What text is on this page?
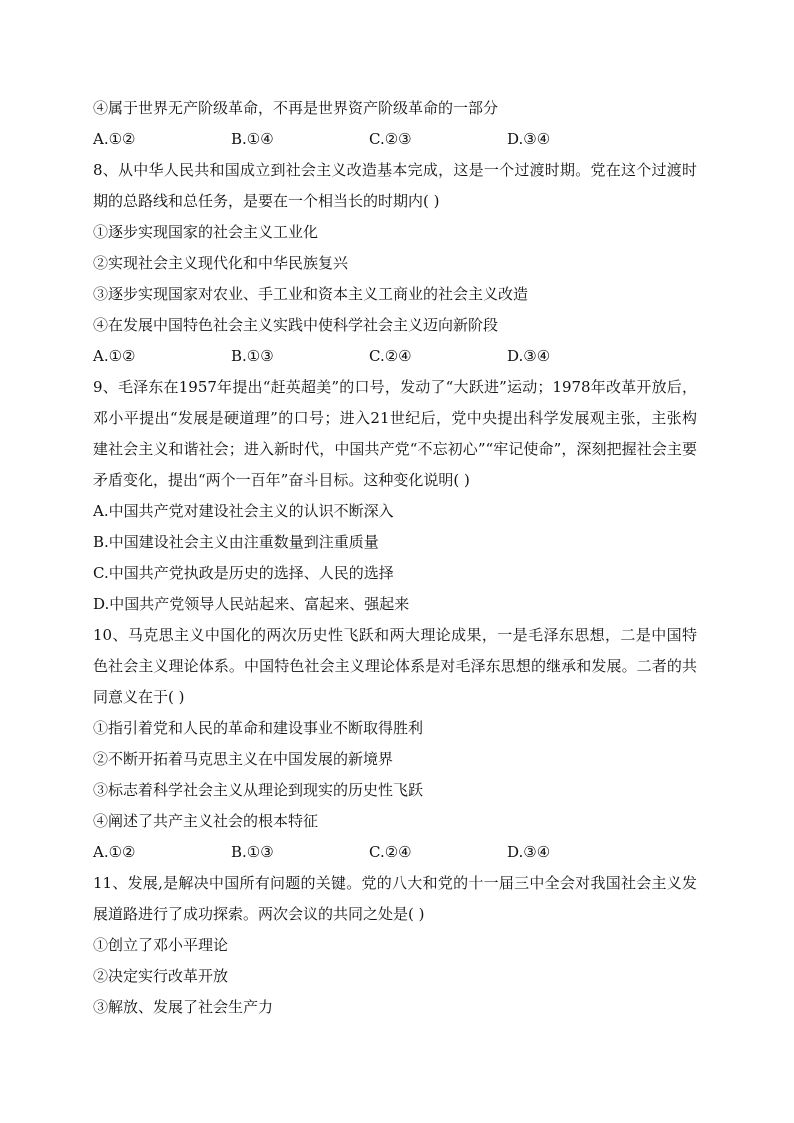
④属于世界无产阶级革命，不再是世界资产阶级革命的一部分
A.①②	B.①④	C.②③	D.③④
8、从中华人民共和国成立到社会主义改造基本完成，这是一个过渡时期。党在这个过渡时期的总路线和总任务，是要在一个相当长的时期内( )
①逐步实现国家的社会主义工业化
②实现社会主义现代化和中华民族复兴
③逐步实现国家对农业、手工业和资本主义工商业的社会主义改造
④在发展中国特色社会主义实践中使科学社会主义迈向新阶段
A.①②	B.①③	C.②④	D.③④
9、毛泽东在1957年提出“赶英超美”的口号，发动了“大跃进”运动；1978年改革开放后，邓小平提出“发展是硬道理”的口号；进入21世纪后，党中央提出科学发展观主张，主张构建社会主义和谐社会；进入新时代，中国共产党“不忘初心”“牢记使命”，深刻把握社会主要矛盾变化，提出“两个一百年”奋斗目标。这种变化说明( )
A.中国共产党对建设社会主义的认识不断深入
B.中国建设社会主义由注重数量到注重质量
C.中国共产党执政是历史的选择、人民的选择
D.中国共产党领导人民站起来、富起来、强起来
10、马克思主义中国化的两次历史性飞跃和两大理论成果，一是毛泽东思想，二是中国特色社会主义理论体系。中国特色社会主义理论体系是对毛泽东思想的继承和发展。二者的共同意义在于( )
①指引着党和人民的革命和建设事业不断取得胜利
②不断开拓着马克思主义在中国发展的新境界
③标志着科学社会主义从理论到现实的历史性飞跃
④阐述了共产主义社会的根本特征
A.①②	B.①③	C.②④	D.③④
11、发展,是解决中国所有问题的关键。党的八大和党的十一届三中全会对我国社会主义发展道路进行了成功探索。两次会议的共同之处是( )
①创立了邓小平理论
②决定实行改革开放
③解放、发展了社会生产力
